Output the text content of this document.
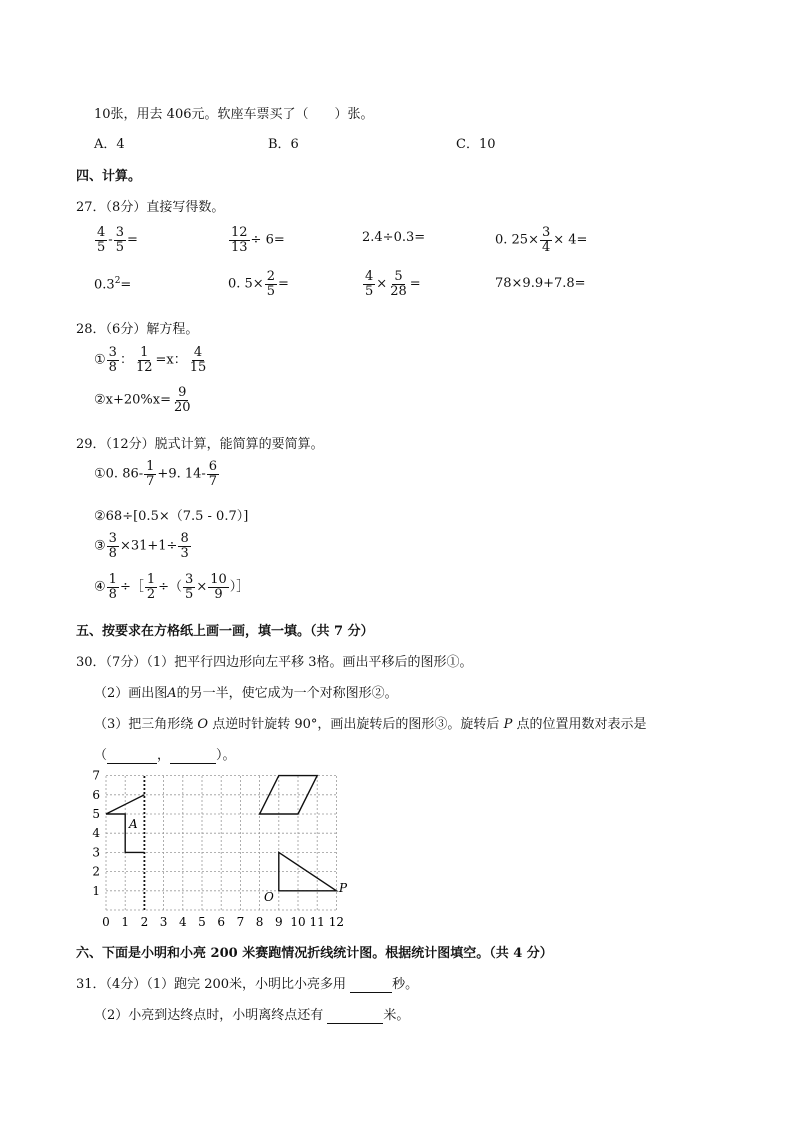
10张，用去 406元。软座车票买了（　　）张。
A．4	B．6	C．10
四、计算。
27．（8分）直接写得数。
$\frac{4}{5} - \frac{3}{5}$ =	$\frac{12}{13} \div 6=$	2.4÷0.3=	0. $25\times \frac{3}{4} \times 4=$
$0.3^2=$	0. $5\times \frac{2}{5}$ =	$\frac{4}{5} \times \frac{5}{28}$ =	78×9.9+7.8=
28．（6分）解方程。
① $\frac{3}{8}$ ： $\frac{1}{12} =x$： $\frac{4}{15}$
②x+20%x= $\frac{9}{20}$
29．（12分）脱式计算，能简算的要简算。
①0. $86- \frac{1}{7} +9$. $14- \frac{6}{7}$
②68÷[0.5×（7.5 - 0.7）]
③ $\frac{3}{8} \times 31+1\div \frac{8}{3}$
④ $\frac{1}{8}$ ÷［ $\frac{1}{2}$ ÷（ $\frac{3}{5} \times \frac{10}{9}$ ）］
五、按要求在方格纸上画一画，填一填。（共 7 分）
30．（7分）（1）把平行四边形向左平移 3格。画出平移后的图形①。
（2）画出图A的另一半，使它成为一个对称图形②。
（3）把三角形绕 O 点逆时针旋转 90°，画出旋转后的图形③。旋转后 P 点的位置用数对表示是
（	，	）。
0 1 2 3 4 5 6 7 8 9 10 11 12
1
2
3
4
5
6
7
A
O
P
六、下面是小明和小亮 200 米赛跑情况折线统计图。根据统计图填空。（共 4 分）
31．（4分）（1）跑完 200米，小明比小亮多用	秒。
（2）小亮到达终点时，小明离终点还有	米。
